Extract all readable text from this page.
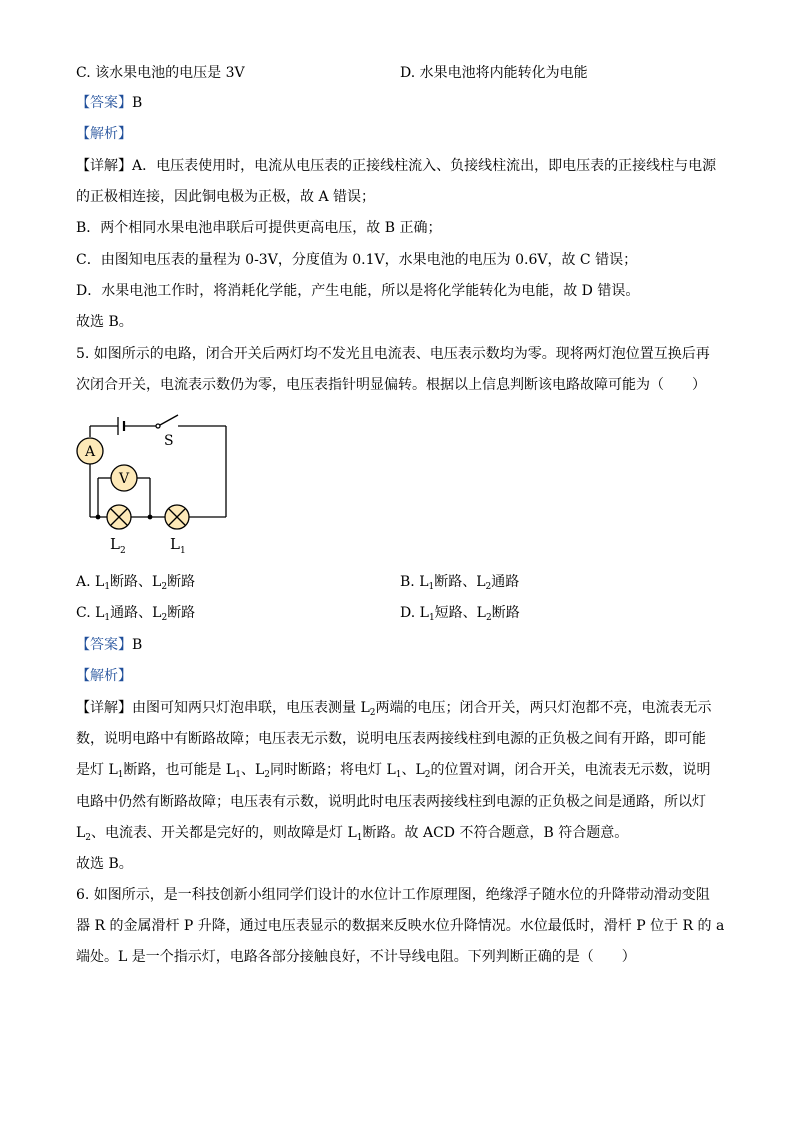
C. 该水果电池的电压是 3V	D. 水果电池将内能转化为电能
【答案】B
【解析】
【详解】A．电压表使用时，电流从电压表的正接线柱流入、负接线柱流出，即电压表的正接线柱与电源
的正极相连接，因此铜电极为正极，故 A 错误；
B．两个相同水果电池串联后可提供更高电压，故 B 正确；
C．由图知电压表的量程为 0-3V，分度值为 0.1V，水果电池的电压为 0.6V，故 C 错误；
D．水果电池工作时，将消耗化学能，产生电能，所以是将化学能转化为电能，故 D 错误。
故选 B。
5. 如图所示的电路，闭合开关后两灯均不发光且电流表、电压表示数均为零。现将两灯泡位置互换后再
次闭合开关，电流表示数仍为零，电压表指针明显偏转。根据以上信息判断该电路故障可能为（　　）
A
V
S
L 2	L 1
A. $L_1$断路、$L_2$断路	B. $L_1$断路、$L_2$通路
C. $L_1$通路、$L_2$断路	D. $L_1$短路、$L_2$断路
【答案】B
【解析】
【详解】由图可知两只灯泡串联，电压表测量 $L_2$两端的电压；闭合开关，两只灯泡都不亮，电流表无示
数，说明电路中有断路故障；电压表无示数，说明电压表两接线柱到电源的正负极之间有开路，即可能
是灯 $L_1$断路，也可能是 $L_1$、$L_2$同时断路；将电灯 $L_1$、$L_2$的位置对调，闭合开关，电流表无示数，说明
电路中仍然有断路故障；电压表有示数，说明此时电压表两接线柱到电源的正负极之间是通路，所以灯
$L_2$、电流表、开关都是完好的，则故障是灯 $L_1$断路。故 ACD 不符合题意，B 符合题意。
故选 B。
6. 如图所示，是一科技创新小组同学们设计的水位计工作原理图，绝缘浮子随水位的升降带动滑动变阻
器 R 的金属滑杆 P 升降，通过电压表显示的数据来反映水位升降情况。水位最低时，滑杆 P 位于 R 的 a
端处。L 是一个指示灯，电路各部分接触良好，不计导线电阻。下列判断正确的是（　　）
